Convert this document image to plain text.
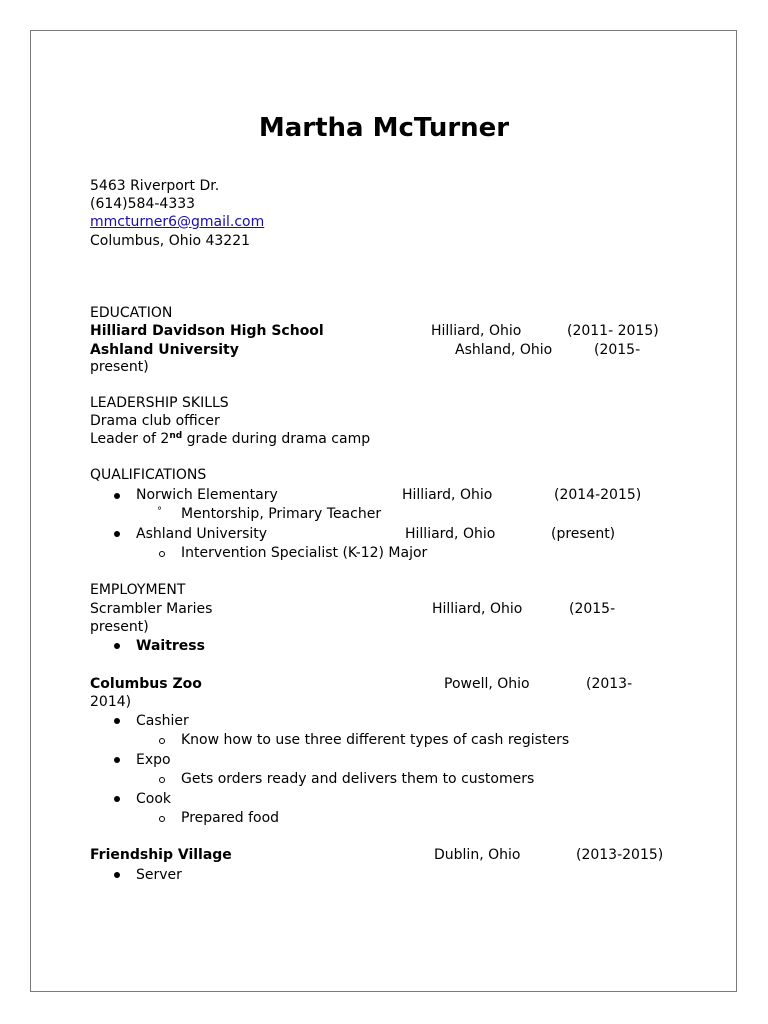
Martha McTurner
5463 Riverport Dr.
(614)584-4333
mmcturner6@gmail.com
Columbus, Ohio 43221
EDUCATION
Hilliard Davidson High School	Hilliard, Ohio	(2011- 2015)
Ashland University	Ashland, Ohio	(2015-
present)
LEADERSHIP SKILLS
Drama club officer
Leader of 2nd grade during drama camp
QUALIFICATIONS
Norwich Elementary	Hilliard, Ohio	(2014-2015)
° Mentorship, Primary Teacher
Ashland University	Hilliard, Ohio	(present)
Intervention Specialist (K-12) Major
EMPLOYMENT
Scrambler Maries	Hilliard, Ohio	(2015-
present)
Waitress
Columbus Zoo	Powell, Ohio	(2013-
2014)
Cashier
Know how to use three different types of cash registers
Expo
Gets orders ready and delivers them to customers
Cook
Prepared food
Friendship Village	Dublin, Ohio	(2013-2015)
Server
